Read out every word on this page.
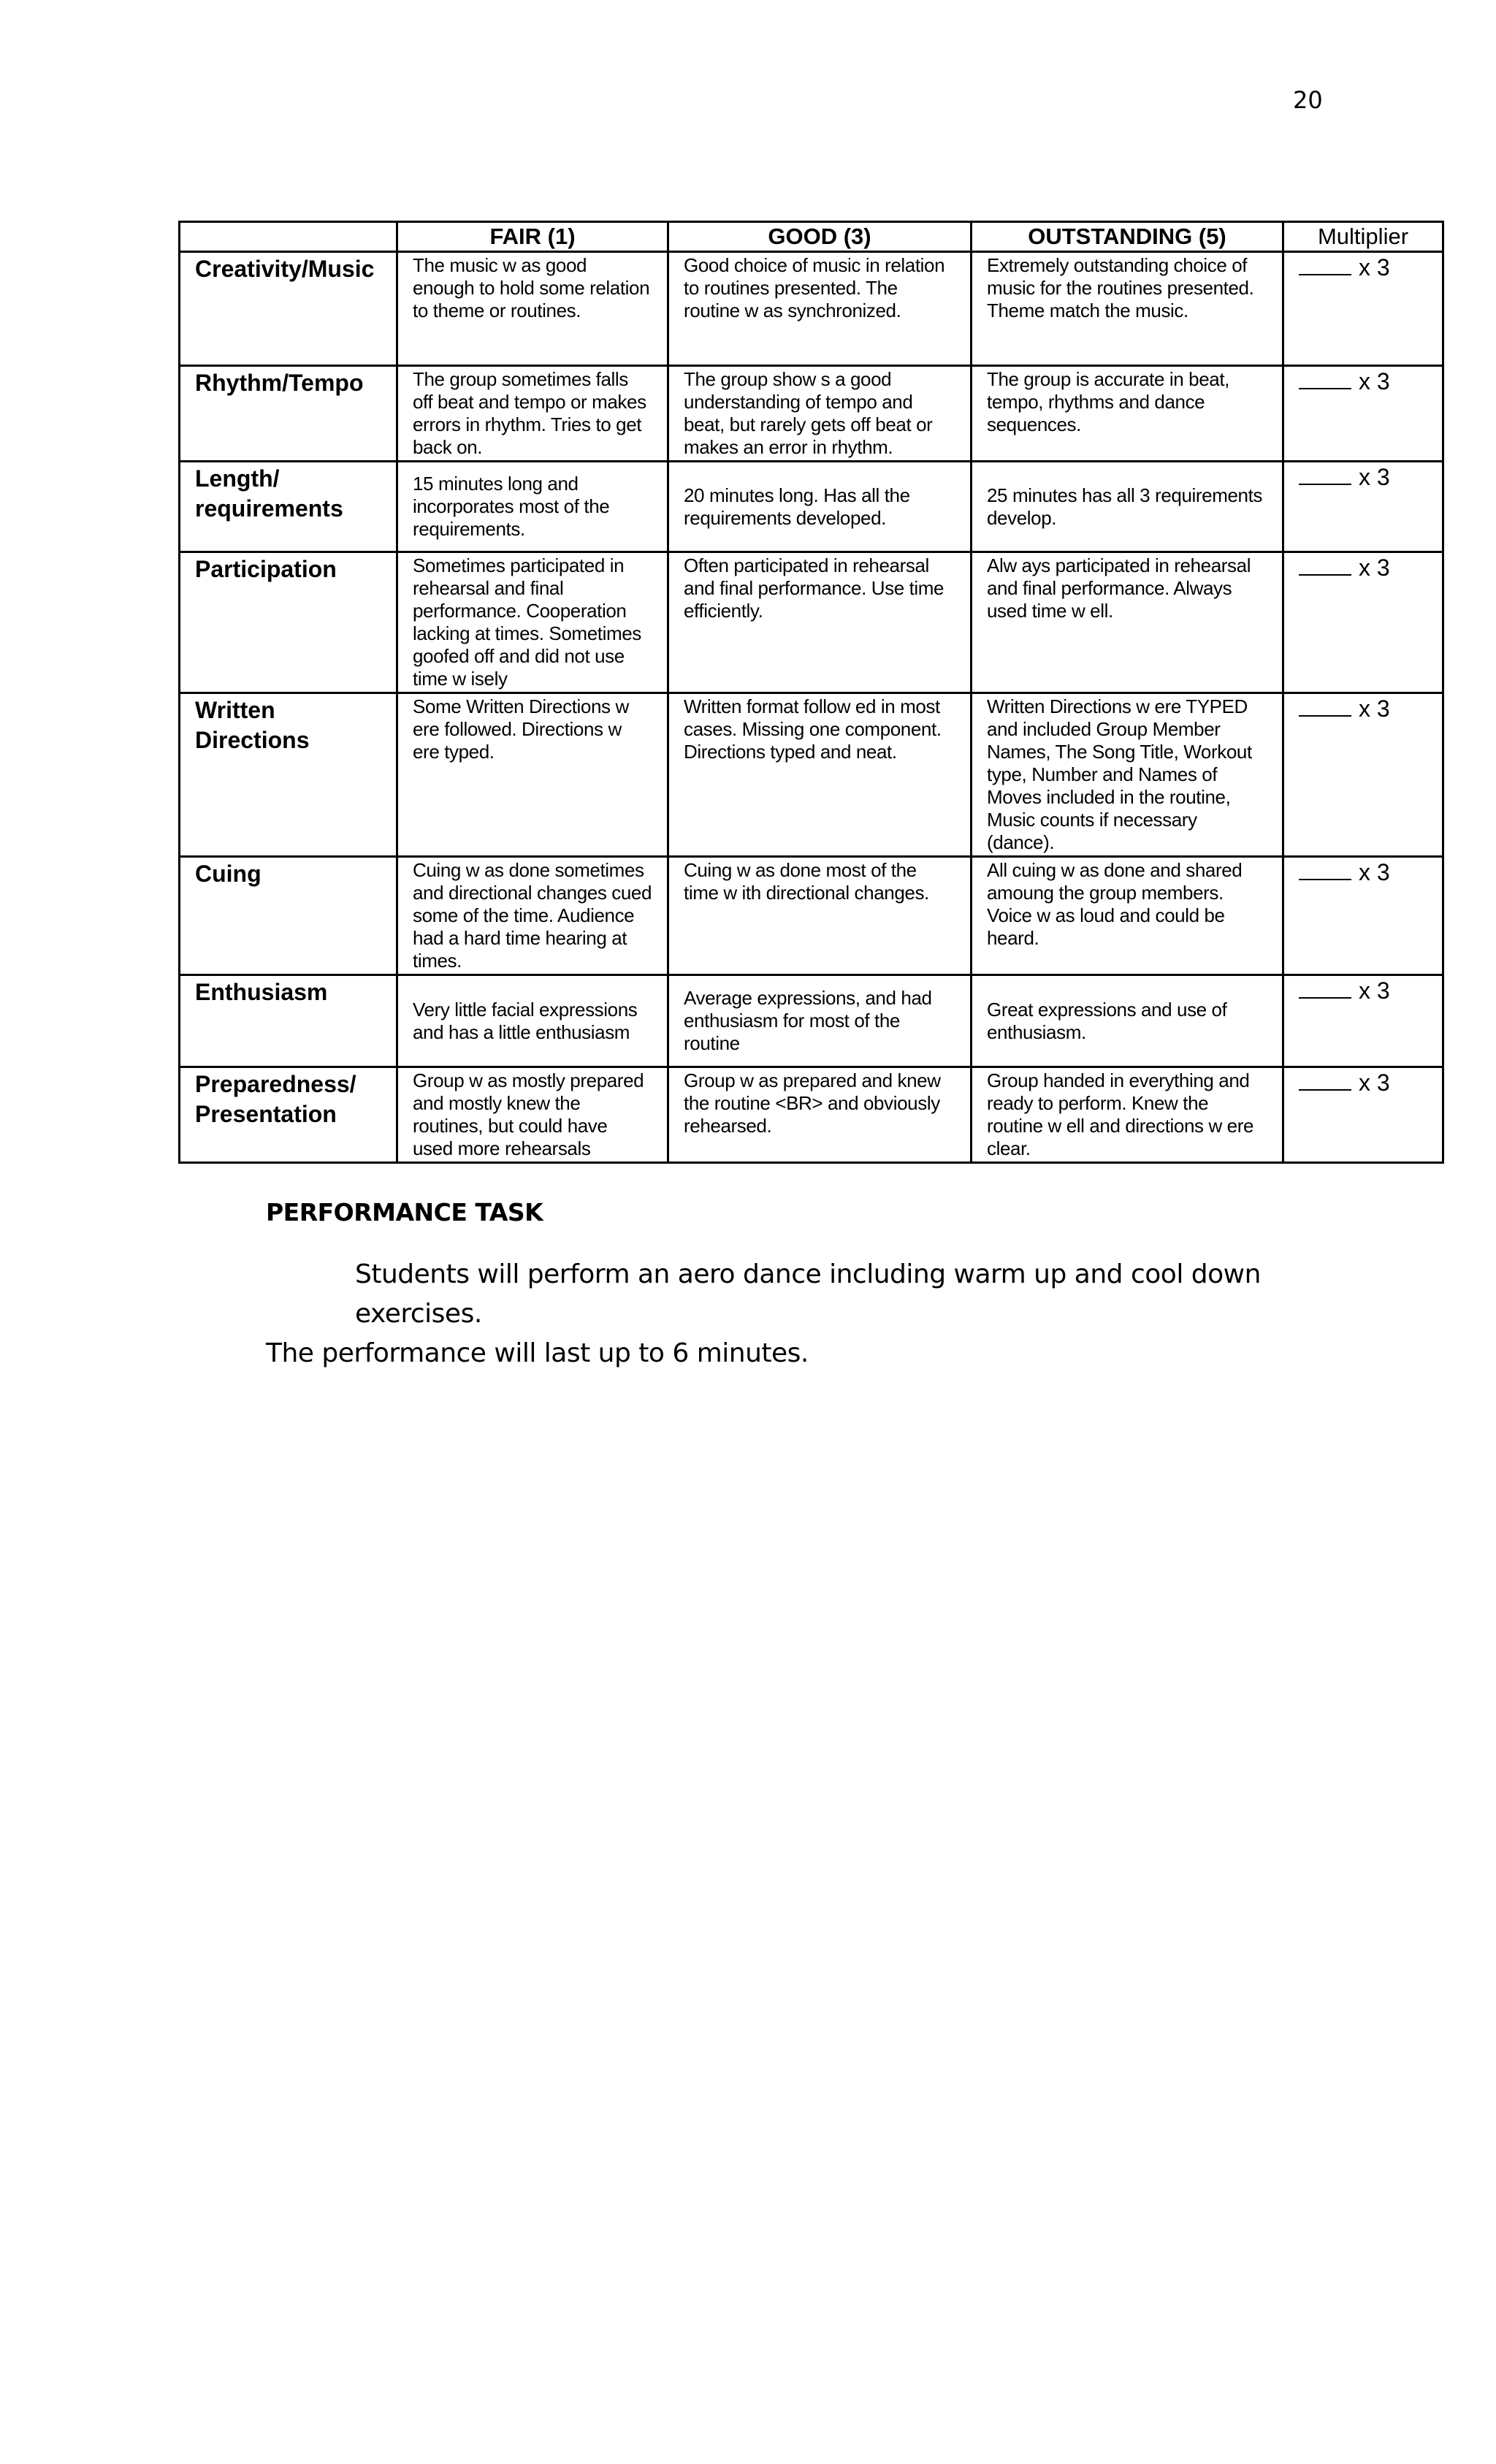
20
	FAIR (1)	GOOD (3)	OUTSTANDING (5)	Multiplier
Creativity/Music	The music w as good enough to hold some relation to theme or routines.	Good choice of music in relation to routines presented. The routine w as synchronized.	Extremely outstanding choice of music for the routines presented. Theme match the music.	x 3
Rhythm/Tempo	The group sometimes falls off beat and tempo or makes errors in rhythm. Tries to get back on.	The group show s a good understanding of tempo and beat, but rarely gets off beat or makes an error in rhythm.	The group is accurate in beat, tempo, rhythms and dance sequences.	x 3
Length/ requirements	15 minutes long and incorporates most of the requirements.	20 minutes long. Has all the requirements developed.	25 minutes has all 3 requirements develop.	x 3
Participation	Sometimes participated in rehearsal and final performance. Cooperation lacking at times. Sometimes goofed off and did not use time w isely	Often participated in rehearsal and final performance. Use time efficiently.	Alw ays participated in rehearsal and final performance. Always used time w ell.	x 3
Written Directions	Some Written Directions w ere followed. Directions w ere typed.	Written format follow ed in most cases. Missing one component. Directions typed and neat.	Written Directions w ere TYPED and included Group Member Names, The Song Title, Workout type, Number and Names of Moves included in the routine, Music counts if necessary (dance).	x 3
Cuing	Cuing w as done sometimes and directional changes cued some of the time. Audience had a hard time hearing at times.	Cuing w as done most of the time w ith directional changes.	All cuing w as done and shared amoung the group members. Voice w as loud and could be heard.	x 3
Enthusiasm	Very little facial expressions and has a little enthusiasm	Average expressions, and had enthusiasm for most of the routine	Great expressions and use of enthusiasm.	x 3
Preparedness/ Presentation	Group w as mostly prepared and mostly knew the routines, but could have used more rehearsals	Group w as prepared and knew the routine <BR> and obviously rehearsed.	Group handed in everything and ready to perform. Knew the routine w ell and directions w ere clear.	x 3
PERFORMANCE TASK
Students will perform an aero dance including warm up and cool down exercises.
The performance will last up to 6 minutes.
